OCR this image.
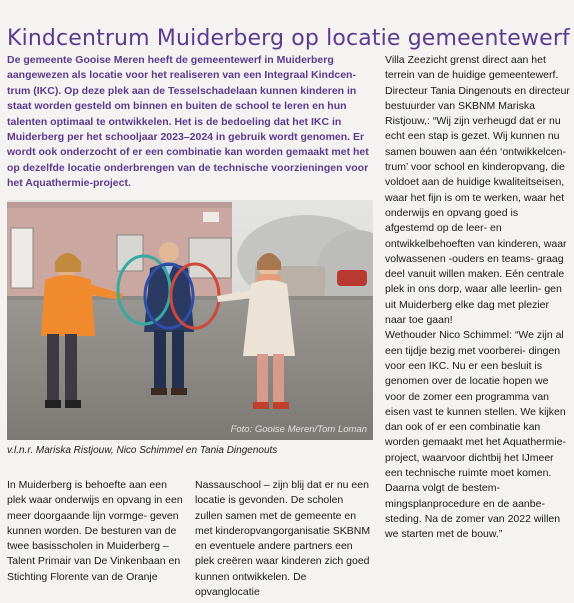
Kindcentrum Muiderberg op locatie gemeentewerf

De gemeente Gooise Meren heeft de gemeentewerf in Muiderberg aangewezen als locatie voor het realiseren van een Integraal Kindcen- trum (IKC). Op deze plek aan de Tesselschadelaan kunnen kinderen in staat worden gesteld om binnen en buiten de school te leren en hun talenten optimaal te ontwikkelen. Het is de bedoeling dat het IKC in Muiderberg per het schooljaar 2023–2024 in gebruik wordt genomen. Er wordt ook onderzocht of er een combinatie kan worden gemaakt met het op dezelfde locatie onderbrengen van de technische voorzieningen voor het Aquathermie-project.

Foto: Gooise Meren/Tom Loman

v.l.n.r. Mariska Ristjouw, Nico Schimmel en Tania Dingenouts

In Muiderberg is behoefte aan een plek waar onderwijs en opvang in een meer doorgaande lijn vormge- geven kunnen worden. De besturen van de twee basisscholen in Muiderberg – Talent Primair van De Vinkenbaan en Stichting Florente van de Oranje

Nassauschool – zijn blij dat er nu een locatie is gevonden. De scholen zullen samen met de gemeente en met kinderopvangorganisatie SKBNM en eventuele andere partners een plek creëren waar kinderen zich goed kunnen ontwikkelen. De opvanglocatie

Villa Zeezicht grenst direct aan het terrein van de huidige gemeentewerf.

Directeur Tania Dingenouts en directeur bestuurder van SKBNM Mariska Ristjouw,: “Wij zijn verheugd dat er nu echt een stap is gezet. Wij kunnen nu samen bouwen aan één ‘ontwikkelcen- trum’ voor school en kinderopvang, die voldoet aan de huidige kwaliteitseisen, waar het fijn is om te werken, waar het onderwijs en opvang goed is afgestemd op de leer- en ontwikkelbehoeften van kinderen, waar volwassenen -ouders en teams- graag deel vanuit willen maken. Eén centrale plek in ons dorp, waar alle leerlin- gen uit Muiderberg elke dag met plezier naar toe gaan!

Wethouder Nico Schimmel: “We zijn al een tijdje bezig met voorberei- dingen voor een IKC. Nu er een besluit is genomen over de locatie hopen we voor de zomer een programma van eisen vast te kunnen stellen. We kijken dan ook of er een combinatie kan worden gemaakt met het Aquathermie- project, waarvoor dichtbij het IJmeer een technische ruimte moet komen. Daarna volgt de bestem- mingsplanprocedure en de aanbe- steding. Na de zomer van 2022 willen we starten met de bouw.”
